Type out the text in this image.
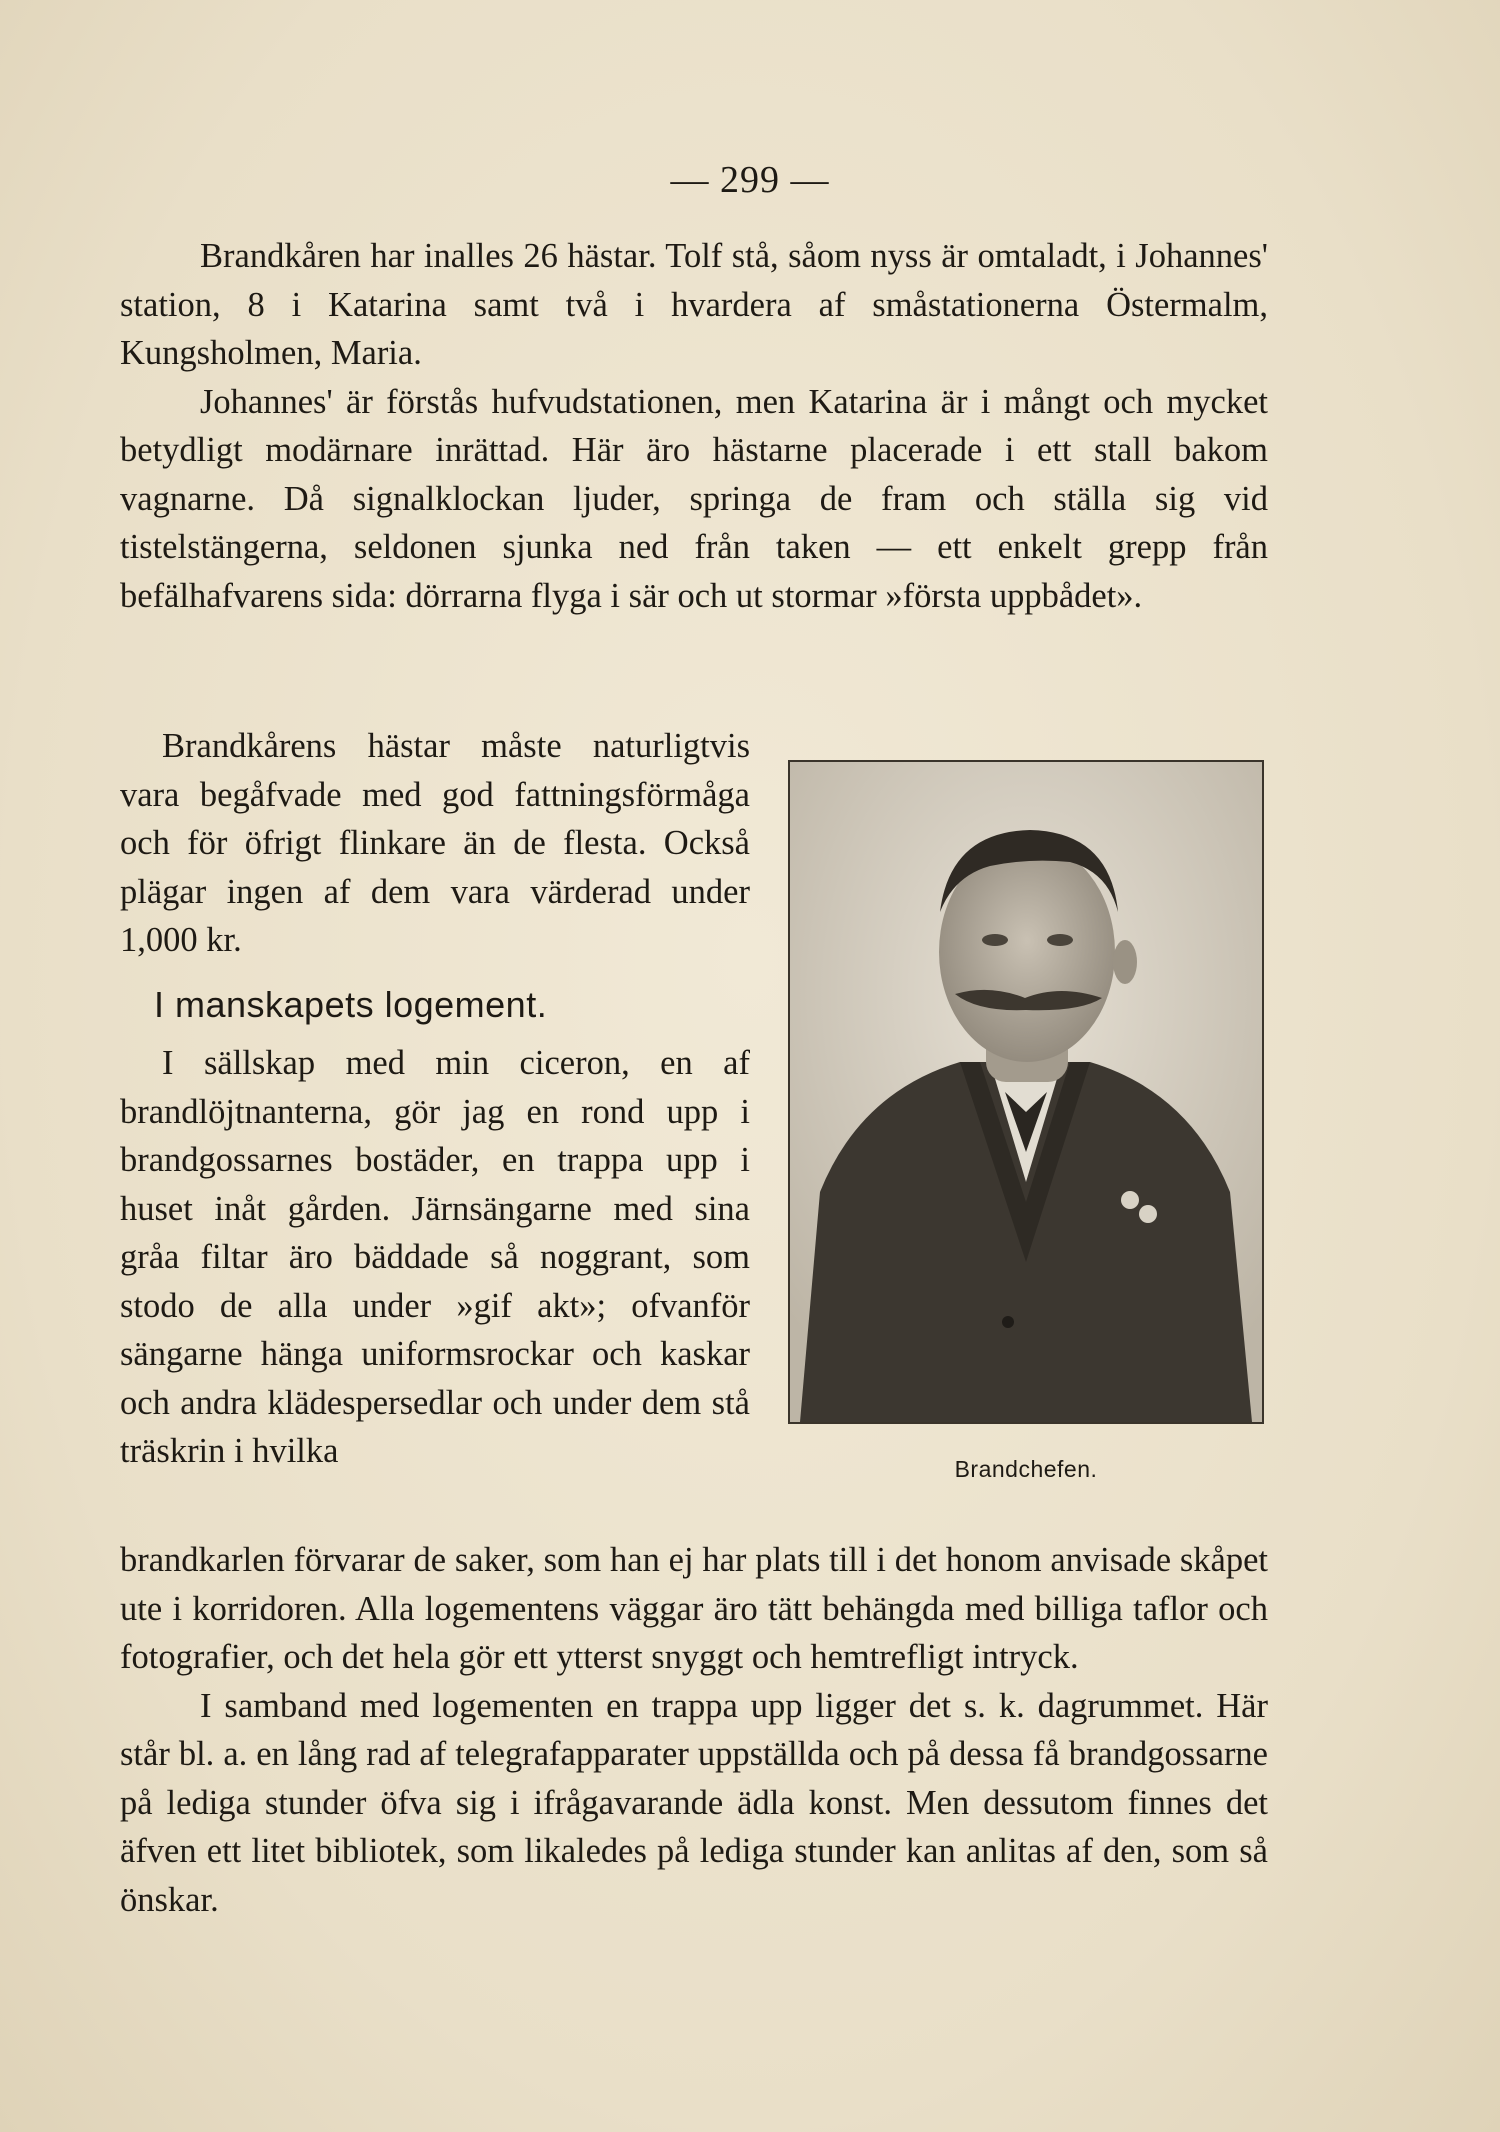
— 299 —

Brandkåren har inalles 26 hästar. Tolf stå, såom nyss är omtaladt, i Johannes' station, 8 i Katarina samt två i hvardera af småstationerna Östermalm, Kungsholmen, Maria.

Johannes' är förstås hufvudstationen, men Katarina är i mångt och mycket betydligt modärnare inrättad. Här äro hästarne placerade i ett stall bakom vagnarne. Då signalklockan ljuder, springa de fram och ställa sig vid tistelstängerna, seldonen sjunka ned från taken — ett enkelt grepp från befälhafvarens sida: dörrarna flyga i sär och ut stormar »första uppbådet».

Brandkårens hästar måste naturligtvis vara begåfvade med god fattningsförmåga och för öfrigt flinkare än de flesta. Också plägar ingen af dem vara värderad under 1,000 kr.

I manskapets logement.

I sällskap med min ciceron, en af brandlöjtnanterna, gör jag en rond upp i brandgossarnes bostäder, en trappa upp i huset inåt gården. Järnsängarne med sina gråa filtar äro bäddade så noggrant, som stodo de alla under »gif akt»; ofvanför sängarne hänga uniformsrockar och kaskar och andra klädespersedlar och under dem stå träskrin i hvilka

brandkarlen förvarar de saker, som han ej har plats till i det honom anvisade skåpet ute i korridoren. Alla logementens väggar äro tätt behängda med billiga taflor och fotografier, och det hela gör ett ytterst snyggt och hemtrefligt intryck.

I samband med logementen en trappa upp ligger det s. k. dagrummet. Här står bl. a. en lång rad af telegrafapparater uppställda och på dessa få brandgossarne på lediga stunder öfva sig i ifrågavarande ädla konst. Men dessutom finnes det äfven ett litet bibliotek, som likaledes på lediga stunder kan anlitas af den, som så önskar.

Brandchefen.
